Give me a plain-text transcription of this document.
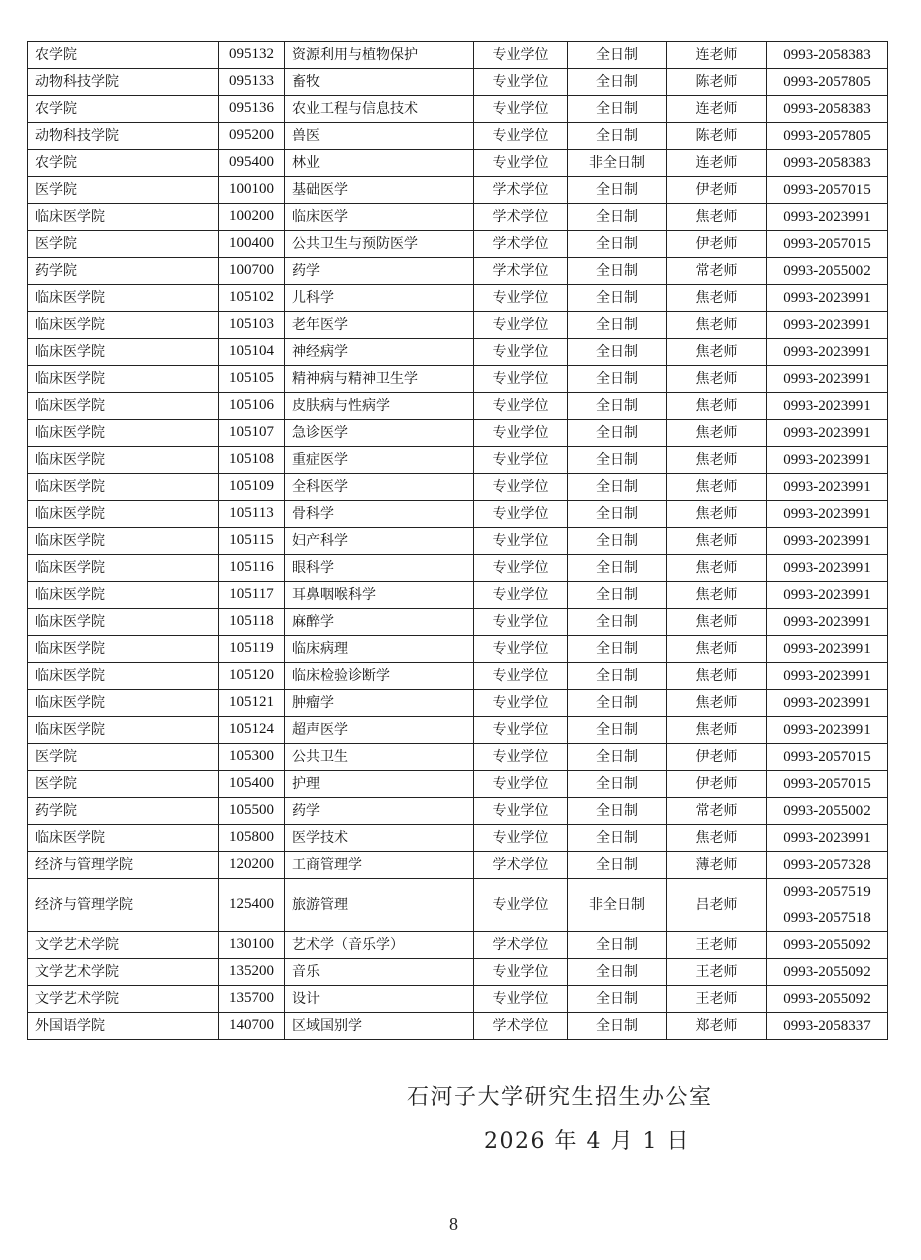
农学院	095132	资源利用与植物保护	专业学位	全日制	连老师	0993-2058383

动物科技学院	095133	畜牧	专业学位	全日制	陈老师	0993-2057805

农学院	095136	农业工程与信息技术	专业学位	全日制	连老师	0993-2058383

动物科技学院	095200	兽医	专业学位	全日制	陈老师	0993-2057805

农学院	095400	林业	专业学位	非全日制	连老师	0993-2058383

医学院	100100	基础医学	学术学位	全日制	伊老师	0993-2057015

临床医学院	100200	临床医学	学术学位	全日制	焦老师	0993-2023991

医学院	100400	公共卫生与预防医学	学术学位	全日制	伊老师	0993-2057015

药学院	100700	药学	学术学位	全日制	常老师	0993-2055002

临床医学院	105102	儿科学	专业学位	全日制	焦老师	0993-2023991

临床医学院	105103	老年医学	专业学位	全日制	焦老师	0993-2023991

临床医学院	105104	神经病学	专业学位	全日制	焦老师	0993-2023991

临床医学院	105105	精神病与精神卫生学	专业学位	全日制	焦老师	0993-2023991

临床医学院	105106	皮肤病与性病学	专业学位	全日制	焦老师	0993-2023991

临床医学院	105107	急诊医学	专业学位	全日制	焦老师	0993-2023991

临床医学院	105108	重症医学	专业学位	全日制	焦老师	0993-2023991

临床医学院	105109	全科医学	专业学位	全日制	焦老师	0993-2023991

临床医学院	105113	骨科学	专业学位	全日制	焦老师	0993-2023991

临床医学院	105115	妇产科学	专业学位	全日制	焦老师	0993-2023991

临床医学院	105116	眼科学	专业学位	全日制	焦老师	0993-2023991

临床医学院	105117	耳鼻咽喉科学	专业学位	全日制	焦老师	0993-2023991

临床医学院	105118	麻醉学	专业学位	全日制	焦老师	0993-2023991

临床医学院	105119	临床病理	专业学位	全日制	焦老师	0993-2023991

临床医学院	105120	临床检验诊断学	专业学位	全日制	焦老师	0993-2023991

临床医学院	105121	肿瘤学	专业学位	全日制	焦老师	0993-2023991

临床医学院	105124	超声医学	专业学位	全日制	焦老师	0993-2023991

医学院	105300	公共卫生	专业学位	全日制	伊老师	0993-2057015

医学院	105400	护理	专业学位	全日制	伊老师	0993-2057015

药学院	105500	药学	专业学位	全日制	常老师	0993-2055002

临床医学院	105800	医学技术	专业学位	全日制	焦老师	0993-2023991

经济与管理学院	120200	工商管理学	学术学位	全日制	薄老师	0993-2057328

经济与管理学院	125400	旅游管理	专业学位	非全日制	吕老师	0993-2057519
0993-2057518

文学艺术学院	130100	艺术学（音乐学）	学术学位	全日制	王老师	0993-2055092

文学艺术学院	135200	音乐	专业学位	全日制	王老师	0993-2055092

文学艺术学院	135700	设计	专业学位	全日制	王老师	0993-2055092

外国语学院	140700	区域国别学	学术学位	全日制	郑老师	0993-2058337
石河子大学研究生招生办公室
2026 年 4 月 1 日
8
